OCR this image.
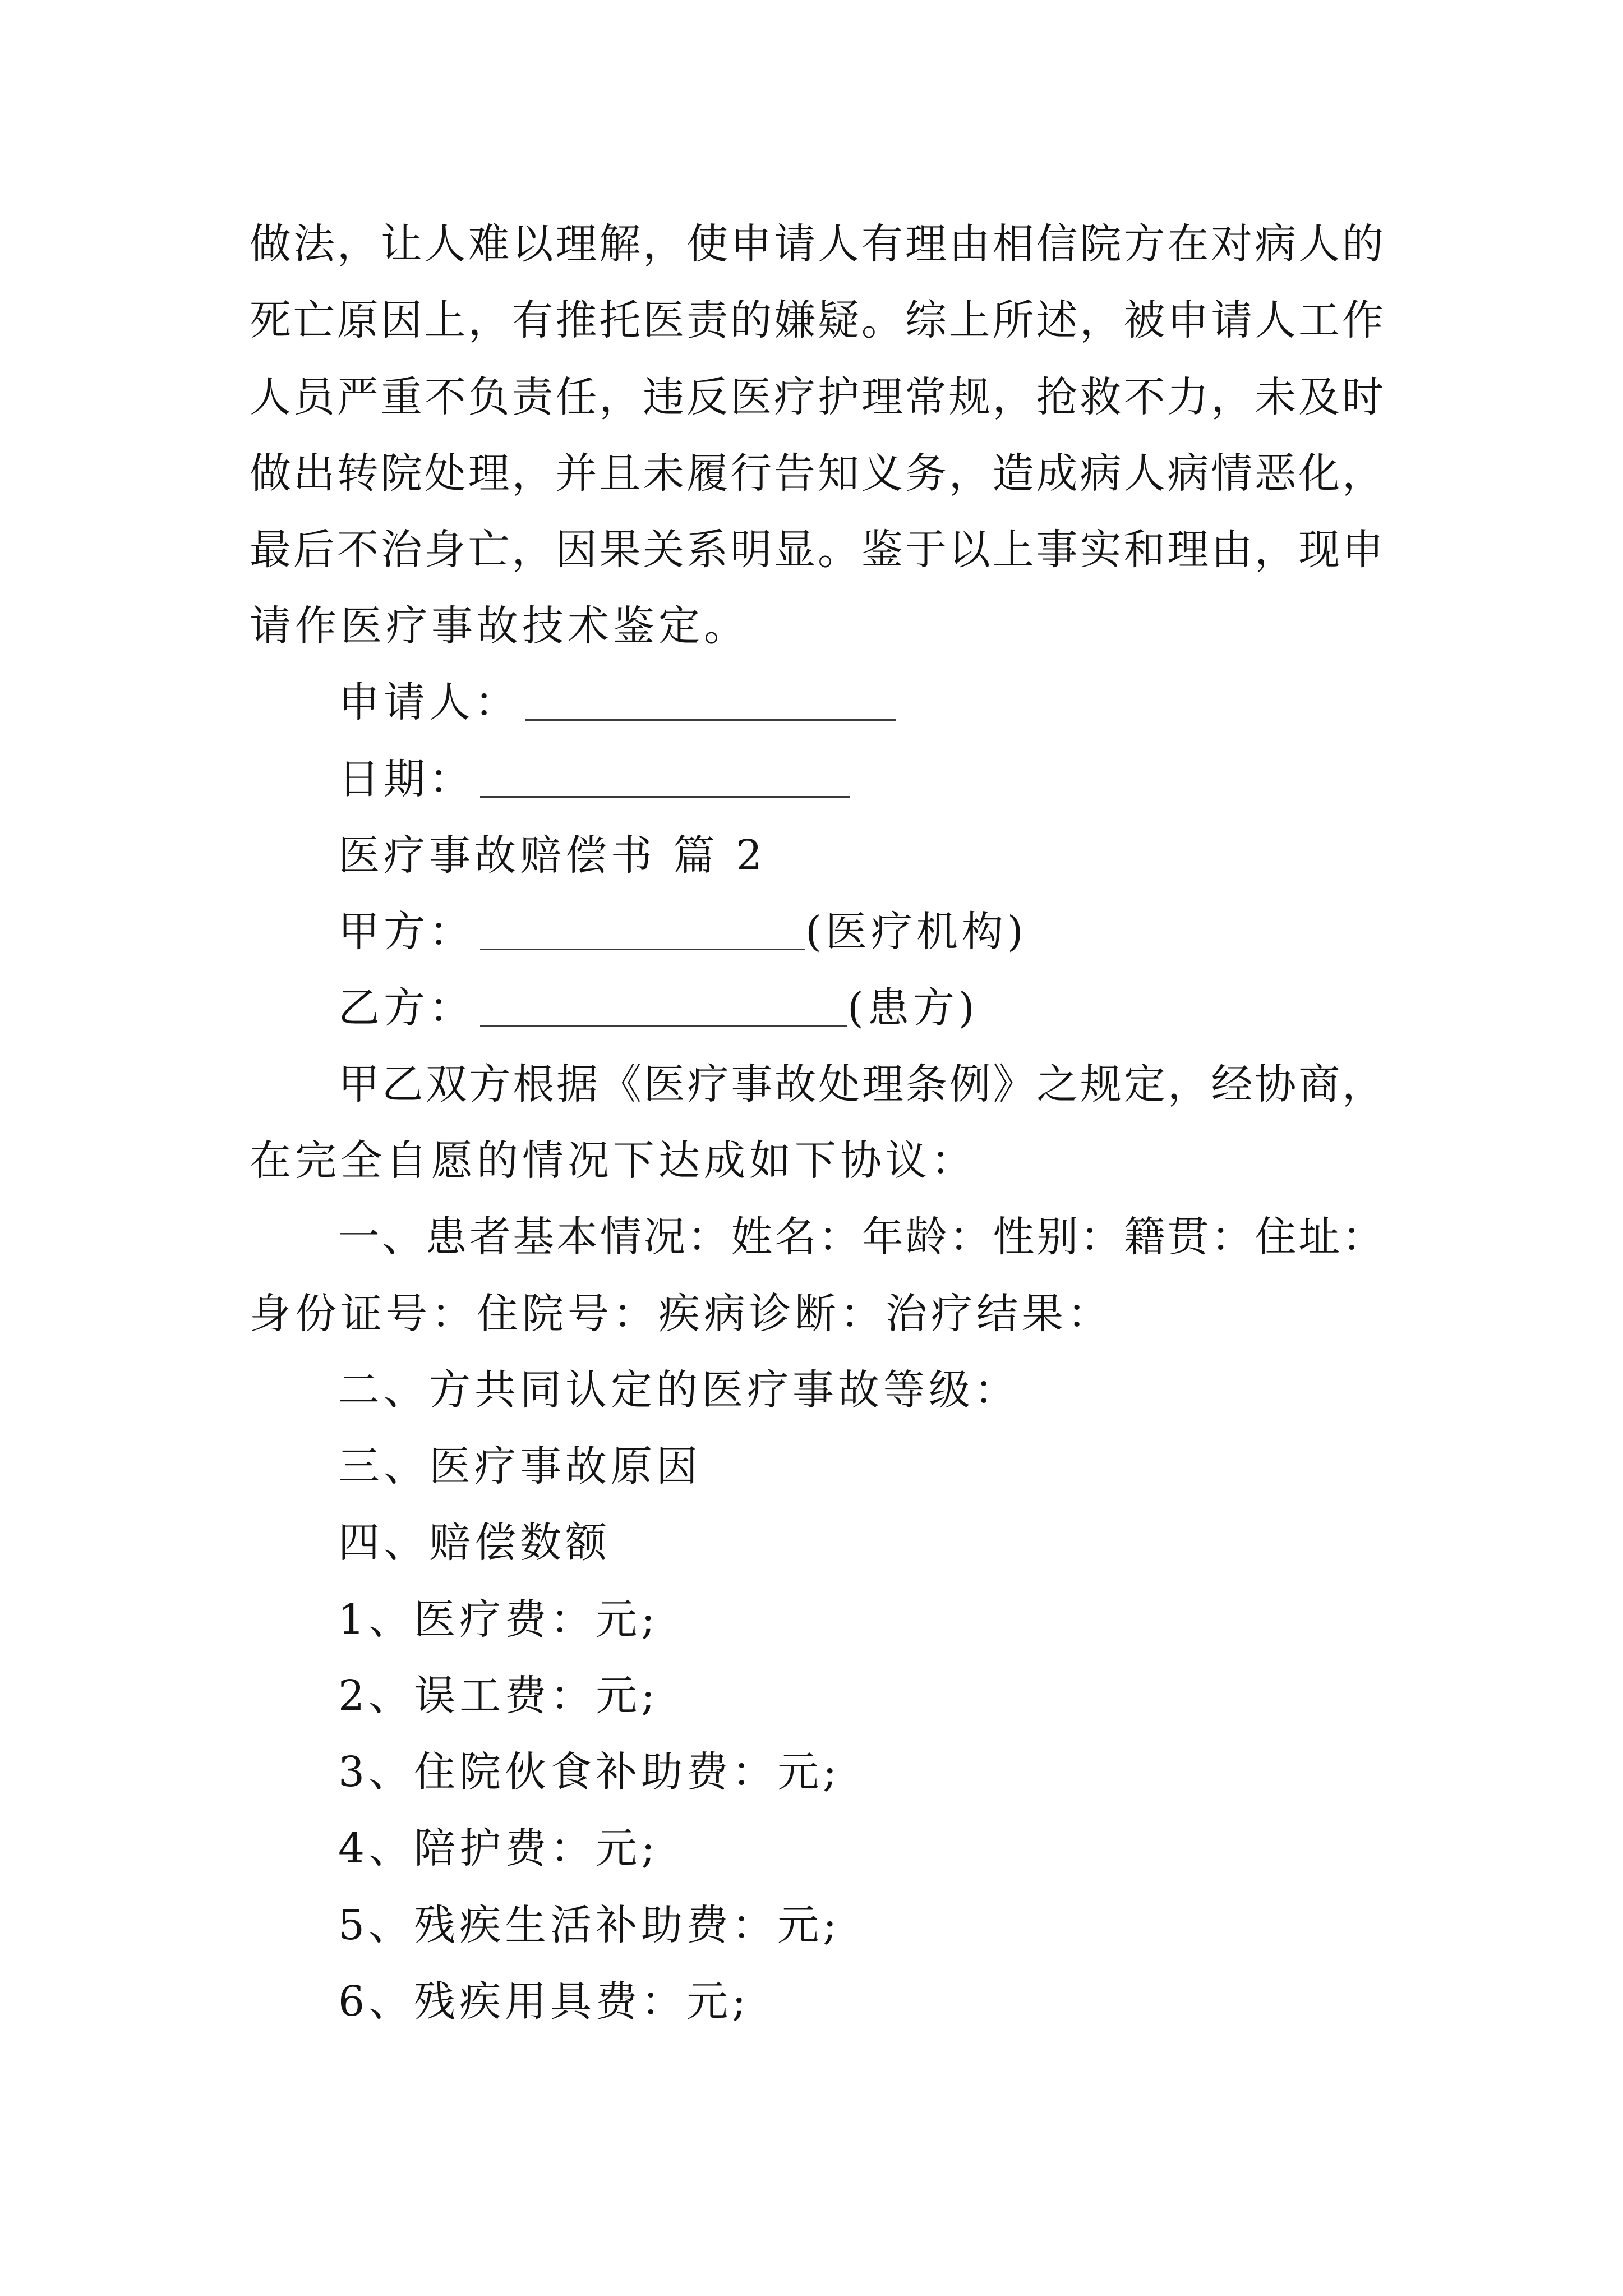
做法，让人难以理解，使申请人有理由相信院方在对病人的
死亡原因上，有推托医责的嫌疑。综上所述，被申请人工作
人员严重不负责任，违反医疗护理常规，抢救不力，未及时
做出转院处理，并且未履行告知义务，造成病人病情恶化，
最后不治身亡，因果关系明显。鉴于以上事实和理由，现申
请作医疗事故技术鉴定。
申请人：
日期：
医疗事故赔偿书 篇 2
甲方：	(医疗机构)
乙方：	(患方)
甲乙双方根据《医疗事故处理条例》之规定，经协商，
在完全自愿的情况下达成如下协议：
一、患者基本情况：姓名：年龄：性别：籍贯：住址：
身份证号：住院号：疾病诊断：治疗结果：
二、方共同认定的医疗事故等级：
三、医疗事故原因
四、赔偿数额
1、医疗费：元;
2、误工费：元;
3、住院伙食补助费：元;
4、陪护费：元;
5、残疾生活补助费：元;
6、残疾用具费：元;
